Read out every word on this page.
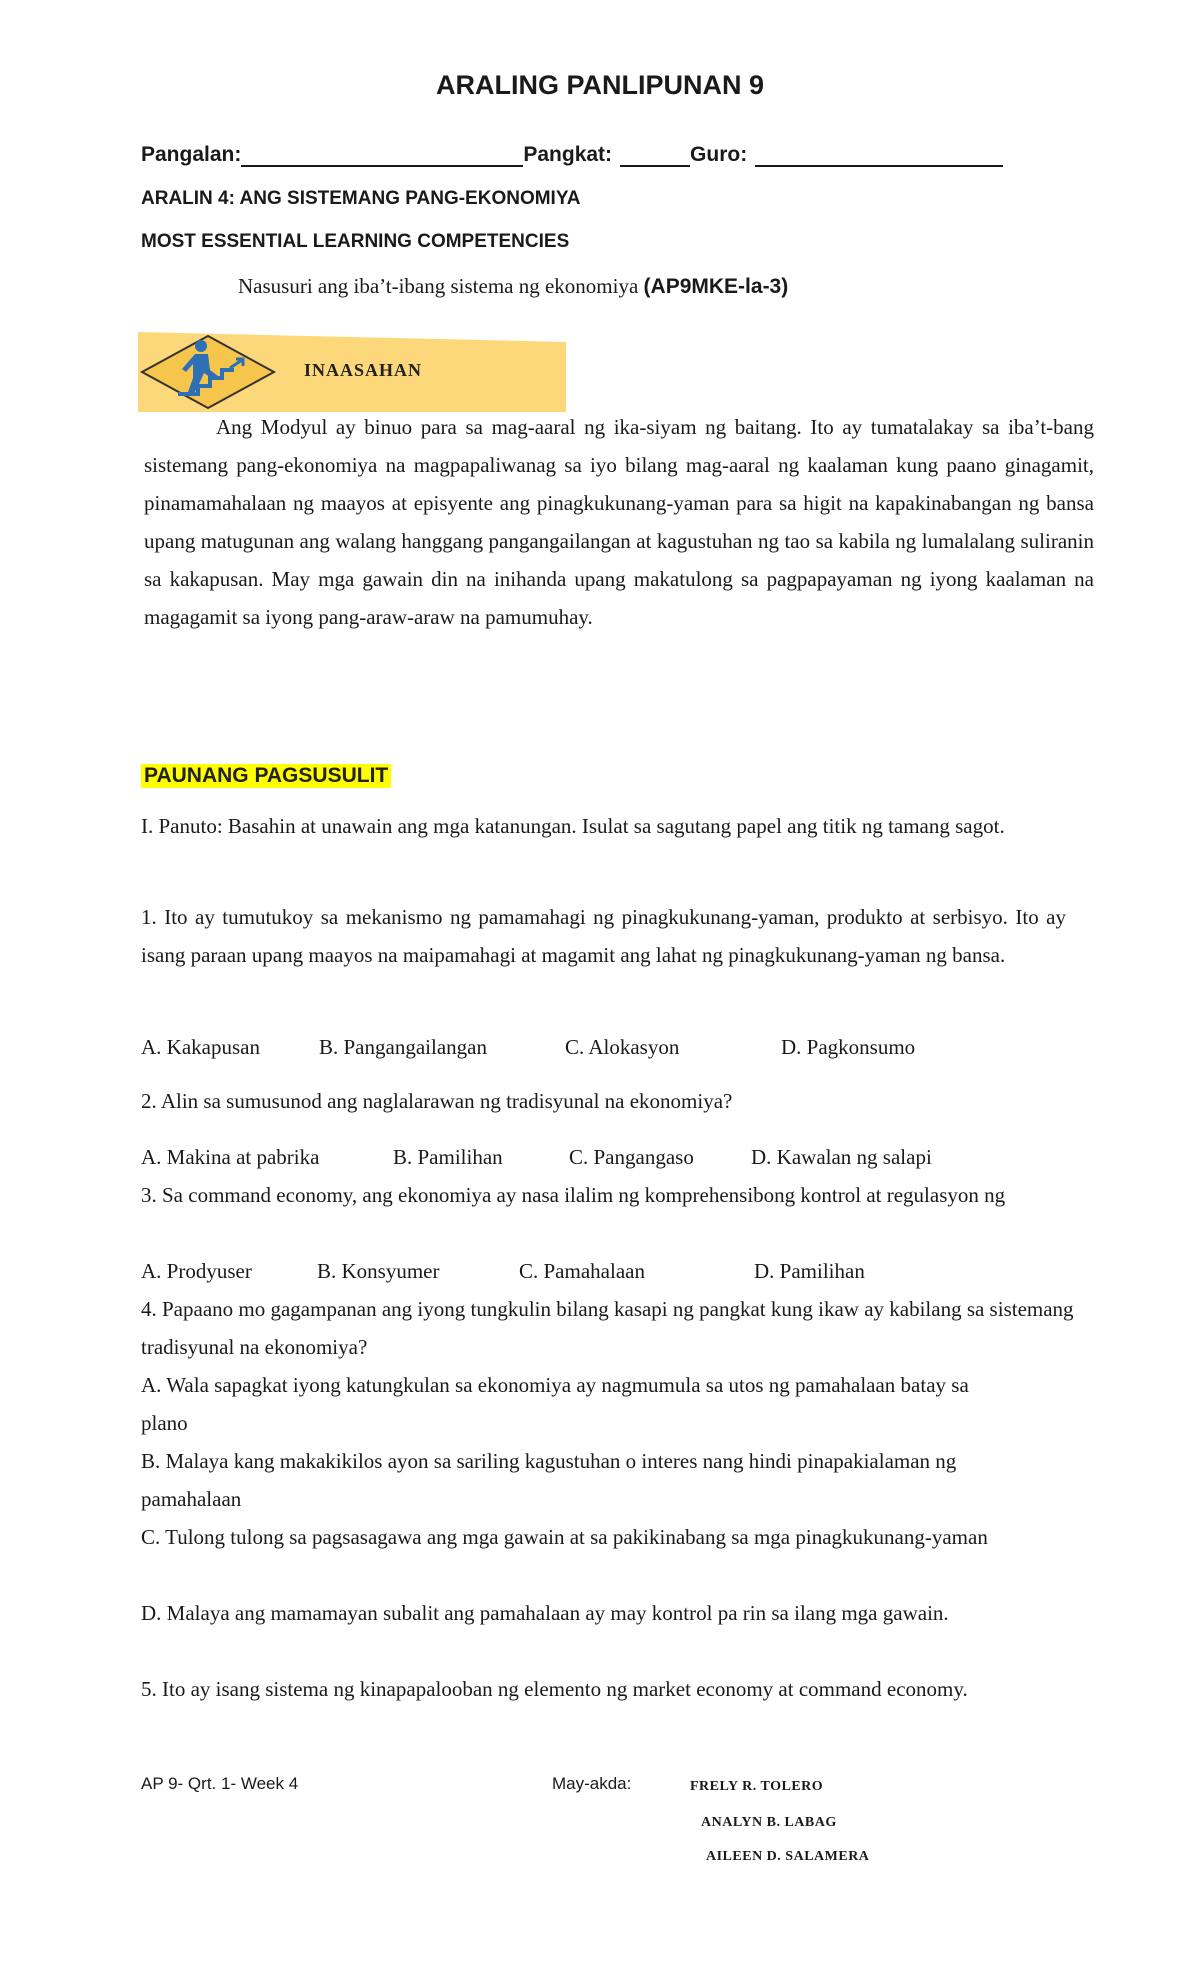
ARALING PANLIPUNAN 9
Pangalan:	Pangkat:	Guro:
ARALIN 4: ANG SISTEMANG PANG-EKONOMIYA
MOST ESSENTIAL LEARNING COMPETENCIES
Nasusuri ang iba’t-ibang sistema ng ekonomiya (AP9MKE-la-3)
INAASAHAN
Ang Modyul ay binuo para sa mag-aaral ng ika-siyam ng baitang. Ito ay tumatalakay sa iba’t-bang sistemang pang-ekonomiya na magpapaliwanag sa iyo bilang mag-aaral ng kaalaman kung paano ginagamit, pinamamahalaan ng maayos at episyente ang pinagkukunang-yaman para sa higit na kapakinabangan ng bansa upang matugunan ang walang hanggang pangangailangan at kagustuhan ng tao sa kabila ng lumalalang suliranin sa kakapusan. May mga gawain din na inihanda upang makatulong sa pagpapayaman ng iyong kaalaman na magagamit sa iyong pang-araw-araw na pamumuhay.
PAUNANG PAGSUSULIT
I. Panuto: Basahin at unawain ang mga katanungan. Isulat sa sagutang papel ang titik ng tamang sagot.
1. Ito ay tumutukoy sa mekanismo ng pamamahagi ng pinagkukunang-yaman, produkto at serbisyo. Ito ay isang paraan upang maayos na maipamahagi at magamit ang lahat ng pinagkukunang-yaman ng bansa.
A. Kakapusan	B. Pangangailangan	C. Alokasyon	D. Pagkonsumo
2. Alin sa sumusunod ang naglalarawan ng tradisyunal na ekonomiya?
A. Makina at pabrika	B. Pamilihan	C. Pangangaso	D. Kawalan ng salapi
3. Sa command economy, ang ekonomiya ay nasa ilalim ng komprehensibong kontrol at regulasyon ng
A. Prodyuser	B. Konsyumer	C. Pamahalaan	D. Pamilihan
4. Papaano mo gagampanan ang iyong tungkulin bilang kasapi ng pangkat kung ikaw ay kabilang sa sistemang tradisyunal na ekonomiya?
A. Wala sapagkat iyong katungkulan sa ekonomiya ay nagmumula sa utos ng pamahalaan batay sa plano
B. Malaya kang makakikilos ayon sa sariling kagustuhan o interes nang hindi pinapakialaman ng pamahalaan
C. Tulong tulong sa pagsasagawa ang mga gawain at sa pakikinabang sa mga pinagkukunang-yaman
D. Malaya ang mamamayan subalit ang pamahalaan ay may kontrol pa rin sa ilang mga gawain.
5. Ito ay isang sistema ng kinapapalooban ng elemento ng market economy at command economy.
AP 9- Qrt. 1- Week 4	May-akda:	FRELY R. TOLERO
ANALYN B. LABAG
AILEEN D. SALAMERA
